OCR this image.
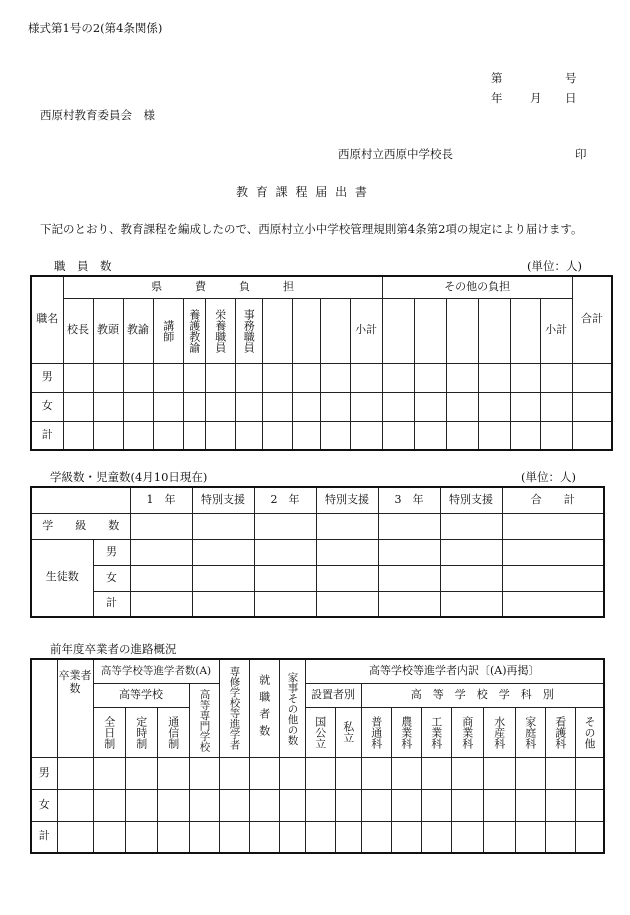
様式第1号の2(第4条関係)
第	号
年 月 日
西原村教育委員会　様
西原村立西原中学校長	印
教 育 課 程 届 出 書
下記のとおり、教育課程を編成したので、西原村立小中学校管理規則第4条第2項の規定により届けます。
職　員　数	(単位：人)
職名	県　　　費　　　負　　　担											その他の負担						合計
	校長	教頭	教諭	講師	養護教諭	栄養職員	事務職員				小計						小計	
男																		
女																		
計																		
学級数・児童数(4月10日現在)	(単位：人)
		1　年	特別支援	2　年	特別支援	3　年	特別支援	合　　計
学　　級　　数								
生徒数	男							
	女							
	計							
前年度卒業者の進路概況
	卒業者数	高等学校等進学者数(A)				専修学校等進学者	就職者数	家事その他の数	高等学校等進学者内訳〔(A)再掲〕									
		高等学校			高等専門学校				設置者別		高　等　学　校　学　科　別							

		全日制	定時制	通信制					国公立	私立	普通科	農業科	工業科	商業科	水産科	家庭科	看護科	その他

男																		
女																		
計																		
